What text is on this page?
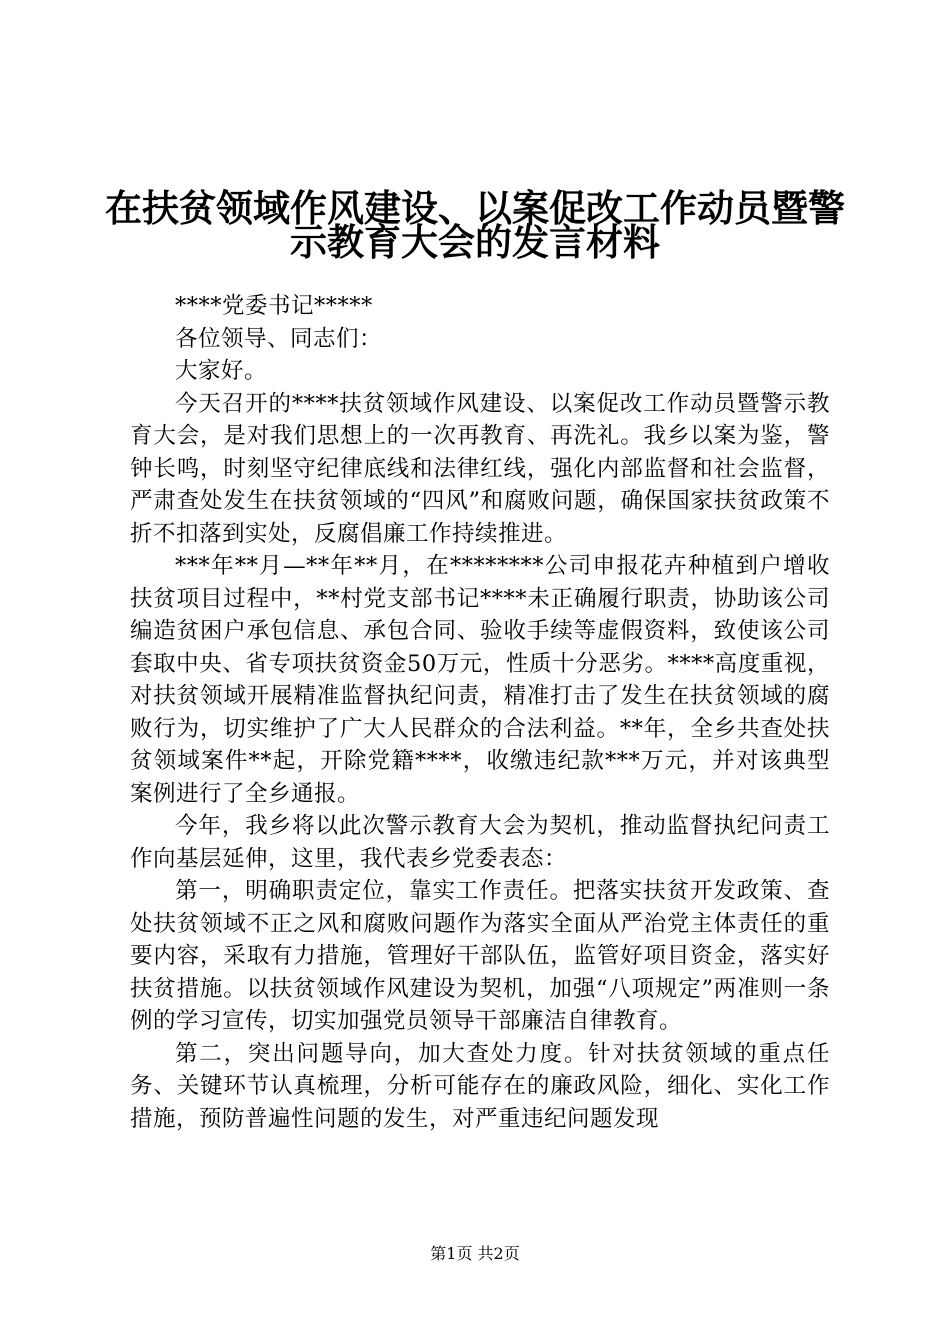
在扶贫领域作风建设、以案促改工作动员暨警
示教育大会的发言材料

****党委书记*****

各位领导、同志们：

大家好。

今天召开的****扶贫领域作风建设、以案促改工作动员暨警示教育大会，是对我们思想上的一次再教育、再洗礼。我乡以案为鉴，警钟长鸣，时刻坚守纪律底线和法律红线，强化内部监督和社会监督，严肃查处发生在扶贫领域的“四风”和腐败问题，确保国家扶贫政策不折不扣落到实处，反腐倡廉工作持续推进。

***年**月—**年**月，在********公司申报花卉种植到户增收扶贫项目过程中，**村党支部书记****未正确履行职责，协助该公司编造贫困户承包信息、承包合同、验收手续等虚假资料，致使该公司套取中央、省专项扶贫资金50万元，性质十分恶劣。****高度重视，对扶贫领域开展精准监督执纪问责，精准打击了发生在扶贫领域的腐败行为，切实维护了广大人民群众的合法利益。**年，全乡共查处扶贫领域案件**起，开除党籍****，收缴违纪款***万元，并对该典型案例进行了全乡通报。

今年，我乡将以此次警示教育大会为契机，推动监督执纪问责工作向基层延伸，这里，我代表乡党委表态：

第一，明确职责定位，靠实工作责任。把落实扶贫开发政策、查处扶贫领域不正之风和腐败问题作为落实全面从严治党主体责任的重要内容，采取有力措施，管理好干部队伍，监管好项目资金，落实好扶贫措施。以扶贫领域作风建设为契机，加强“八项规定”两准则一条例的学习宣传，切实加强党员领导干部廉洁自律教育。

第二，突出问题导向，加大查处力度。针对扶贫领域的重点任务、关键环节认真梳理，分析可能存在的廉政风险，细化、实化工作措施，预防普遍性问题的发生，对严重违纪问题发现

第1页 共2页
